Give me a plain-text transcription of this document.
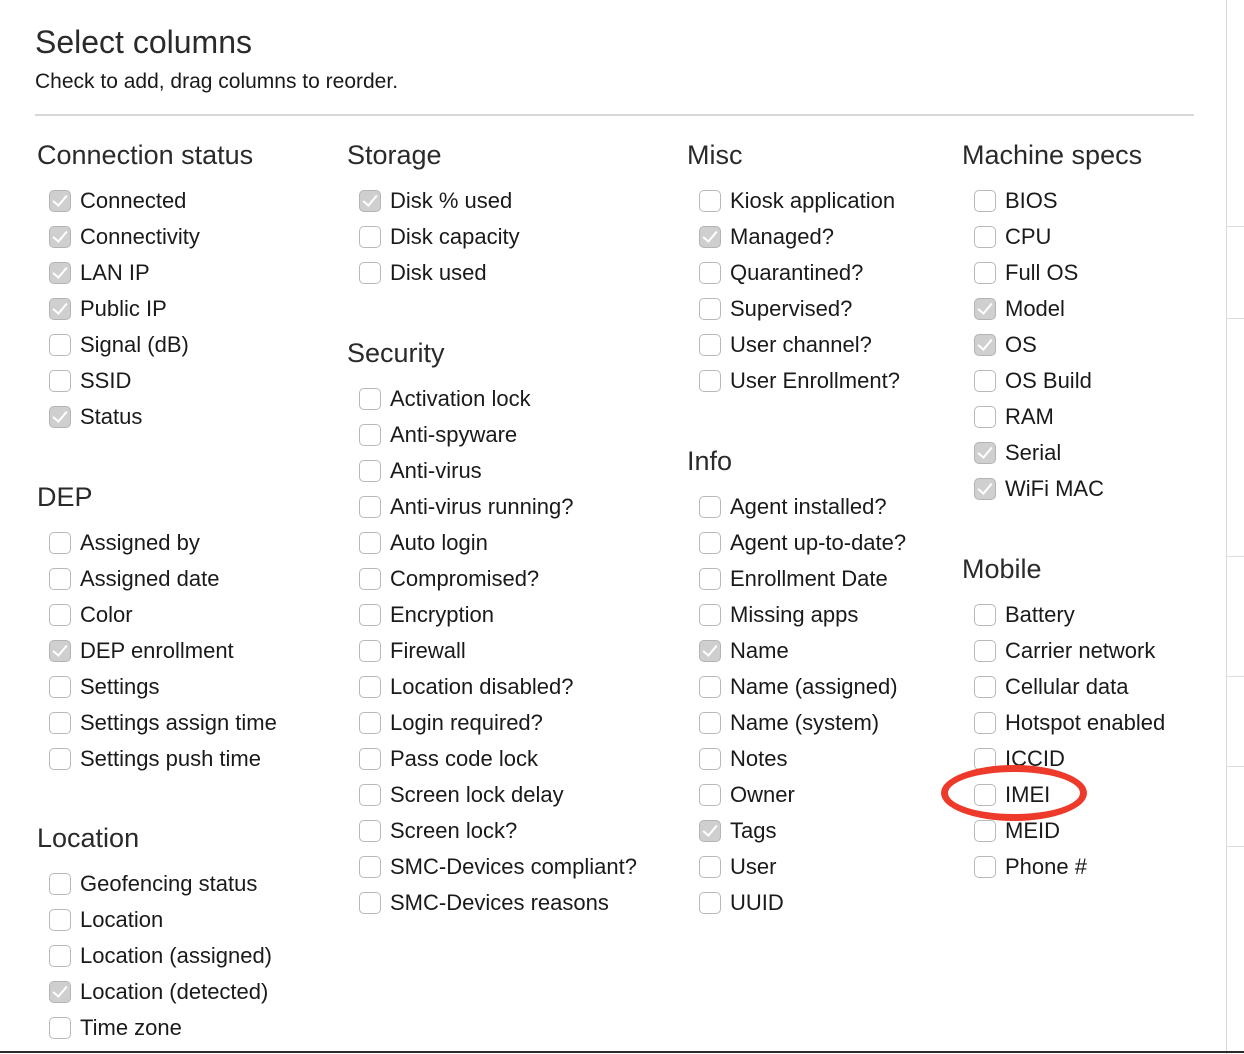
Select columns

Check to add, drag columns to reorder.

Connection status
Connected
Connectivity
LAN IP
Public IP
Signal (dB)
SSID
Status
DEP
Assigned by
Assigned date
Color
DEP enrollment
Settings
Settings assign time
Settings push time
Location
Geofencing status
Location
Location (assigned)
Location (detected)
Time zone
Storage
Disk % used
Disk capacity
Disk used
Security
Activation lock
Anti-spyware
Anti-virus
Anti-virus running?
Auto login
Compromised?
Encryption
Firewall
Location disabled?
Login required?
Pass code lock
Screen lock delay
Screen lock?
SMC-Devices compliant?
SMC-Devices reasons
Misc
Kiosk application
Managed?
Quarantined?
Supervised?
User channel?
User Enrollment?
Info
Agent installed?
Agent up-to-date?
Enrollment Date
Missing apps
Name
Name (assigned)
Name (system)
Notes
Owner
Tags
User
UUID
Machine specs
BIOS
CPU
Full OS
Model
OS
OS Build
RAM
Serial
WiFi MAC
Mobile
Battery
Carrier network
Cellular data
Hotspot enabled
ICCID
IMEI
MEID
Phone #
